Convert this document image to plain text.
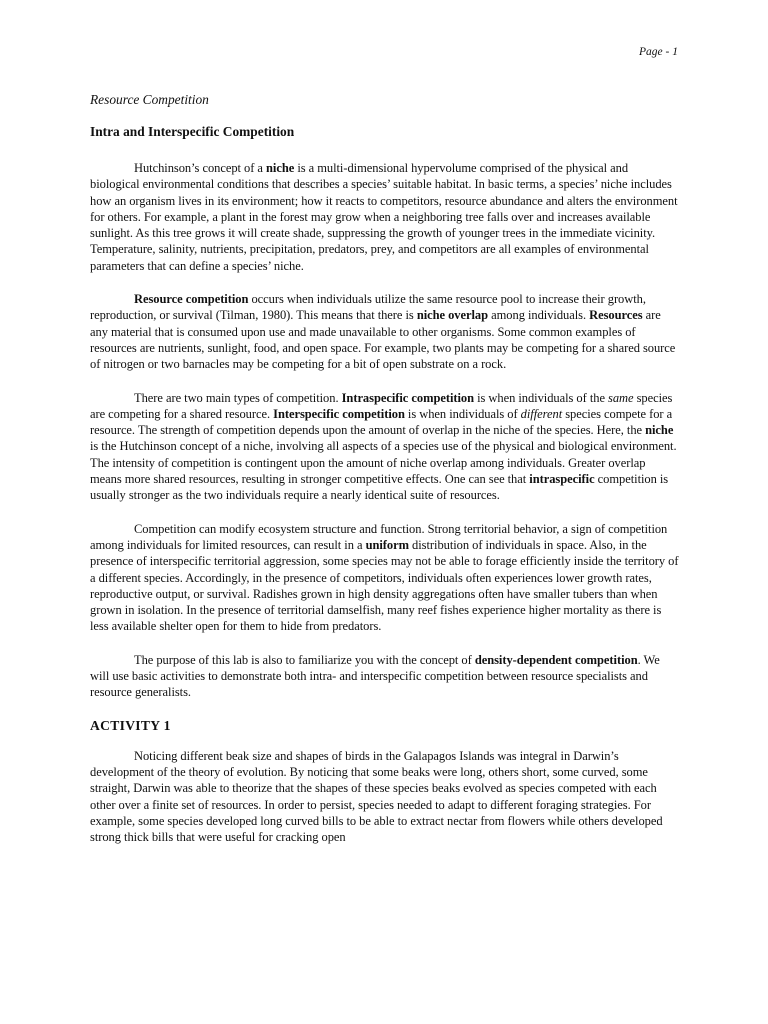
Page - 1
Resource Competition
Intra and Interspecific Competition

Hutchinson’s concept of a niche is a multi-dimensional hypervolume comprised of the physical and biological environmental conditions that describes a species’ suitable habitat. In basic terms, a species’ niche includes how an organism lives in its environment; how it reacts to competitors, resource abundance and alters the environment for others. For example, a plant in the forest may grow when a neighboring tree falls over and increases available sunlight. As this tree grows it will create shade, suppressing the growth of younger trees in the immediate vicinity. Temperature, salinity, nutrients, precipitation, predators, prey, and competitors are all examples of environmental parameters that can define a species’ niche.

Resource competition occurs when individuals utilize the same resource pool to increase their growth, reproduction, or survival (Tilman, 1980). This means that there is niche overlap among individuals. Resources are any material that is consumed upon use and made unavailable to other organisms. Some common examples of resources are nutrients, sunlight, food, and open space. For example, two plants may be competing for a shared source of nitrogen or two barnacles may be competing for a bit of open substrate on a rock.

There are two main types of competition. Intraspecific competition is when individuals of the same species are competing for a shared resource. Interspecific competition is when individuals of different species compete for a resource. The strength of competition depends upon the amount of overlap in the niche of the species. Here, the niche is the Hutchinson concept of a niche, involving all aspects of a species use of the physical and biological environment. The intensity of competition is contingent upon the amount of niche overlap among individuals. Greater overlap means more shared resources, resulting in stronger competitive effects. One can see that intraspecific competition is usually stronger as the two individuals require a nearly identical suite of resources.

Competition can modify ecosystem structure and function. Strong territorial behavior, a sign of competition among individuals for limited resources, can result in a uniform distribution of individuals in space. Also, in the presence of interspecific territorial aggression, some species may not be able to forage efficiently inside the territory of a different species. Accordingly, in the presence of competitors, individuals often experiences lower growth rates, reproductive output, or survival. Radishes grown in high density aggregations often have smaller tubers than when grown in isolation. In the presence of territorial damselfish, many reef fishes experience higher mortality as there is less available shelter open for them to hide from predators.

The purpose of this lab is also to familiarize you with the concept of density-dependent competition. We will use basic activities to demonstrate both intra- and interspecific competition between resource specialists and resource generalists.

ACTIVITY 1

Noticing different beak size and shapes of birds in the Galapagos Islands was integral in Darwin’s development of the theory of evolution. By noticing that some beaks were long, others short, some curved, some straight, Darwin was able to theorize that the shapes of these species beaks evolved as species competed with each other over a finite set of resources. In order to persist, species needed to adapt to different foraging strategies. For example, some species developed long curved bills to be able to extract nectar from flowers while others developed strong thick bills that were useful for cracking open
